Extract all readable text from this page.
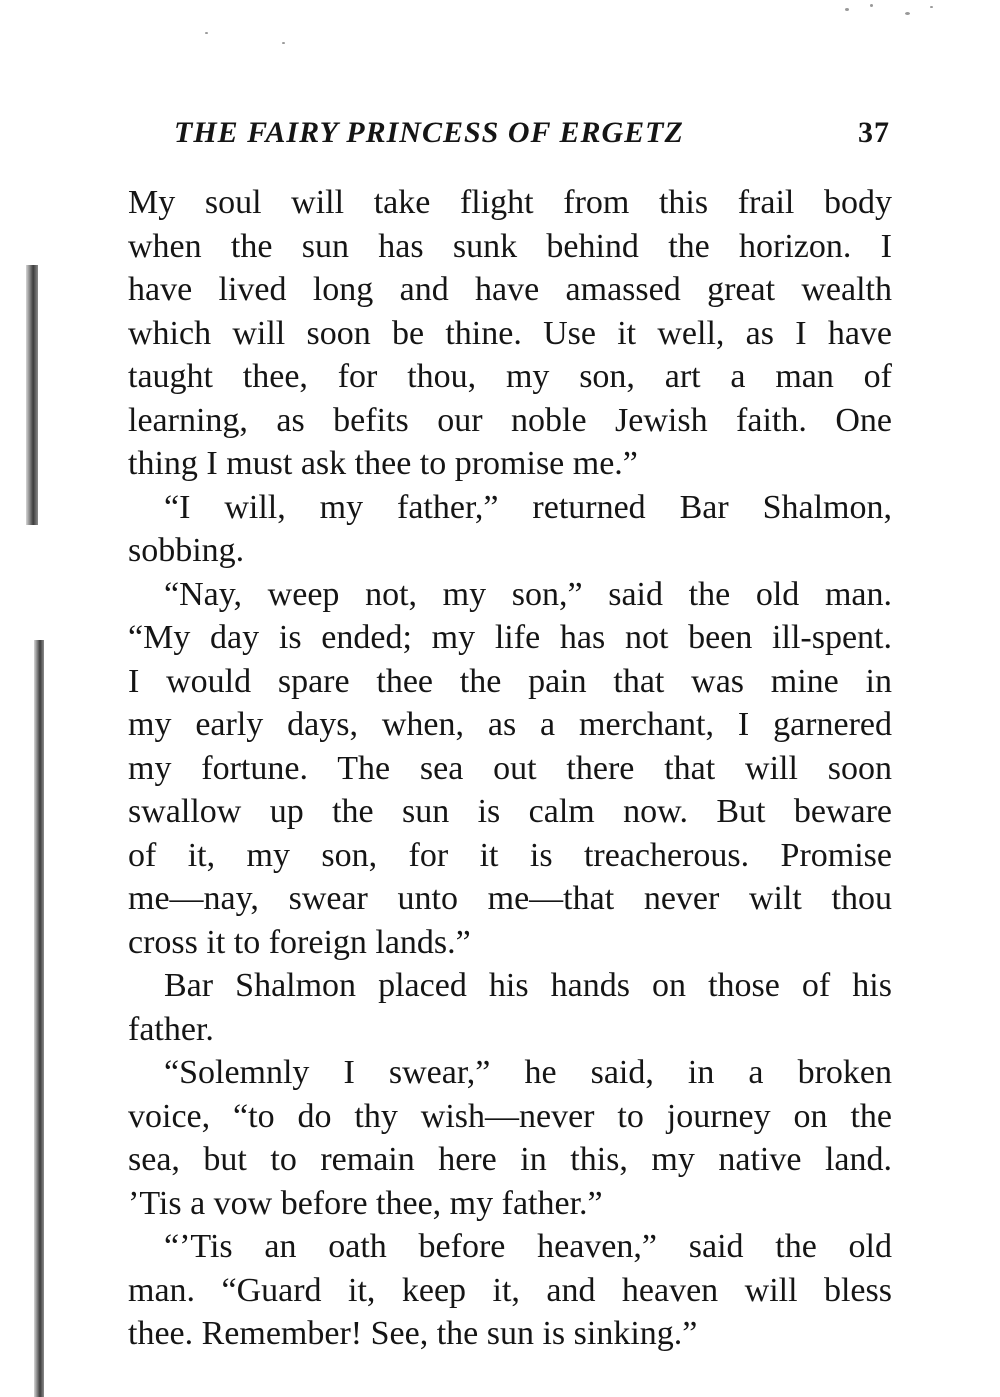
THE FAIRY PRINCESS OF ERGETZ	37
My soul will take flight from this frail body
when the sun has sunk behind the horizon. I
have lived long and have amassed great wealth
which will soon be thine. Use it well, as I have
taught thee, for thou, my son, art a man of
learning, as befits our noble Jewish faith. One
thing I must ask thee to promise me.”
“I will, my father,” returned Bar Shalmon,
sobbing.
“Nay, weep not, my son,” said the old man.
“My day is ended; my life has not been ill-spent.
I would spare thee the pain that was mine in
my early days, when, as a merchant, I garnered
my fortune. The sea out there that will soon
swallow up the sun is calm now. But beware
of it, my son, for it is treacherous. Promise
me—nay, swear unto me—that never wilt thou
cross it to foreign lands.”
Bar Shalmon placed his hands on those of his
father.
“Solemnly I swear,” he said, in a broken
voice, “to do thy wish—never to journey on the
sea, but to remain here in this, my native land.
’Tis a vow before thee, my father.”
“’Tis an oath before heaven,” said the old
man. “Guard it, keep it, and heaven will bless
thee. Remember! See, the sun is sinking.”
